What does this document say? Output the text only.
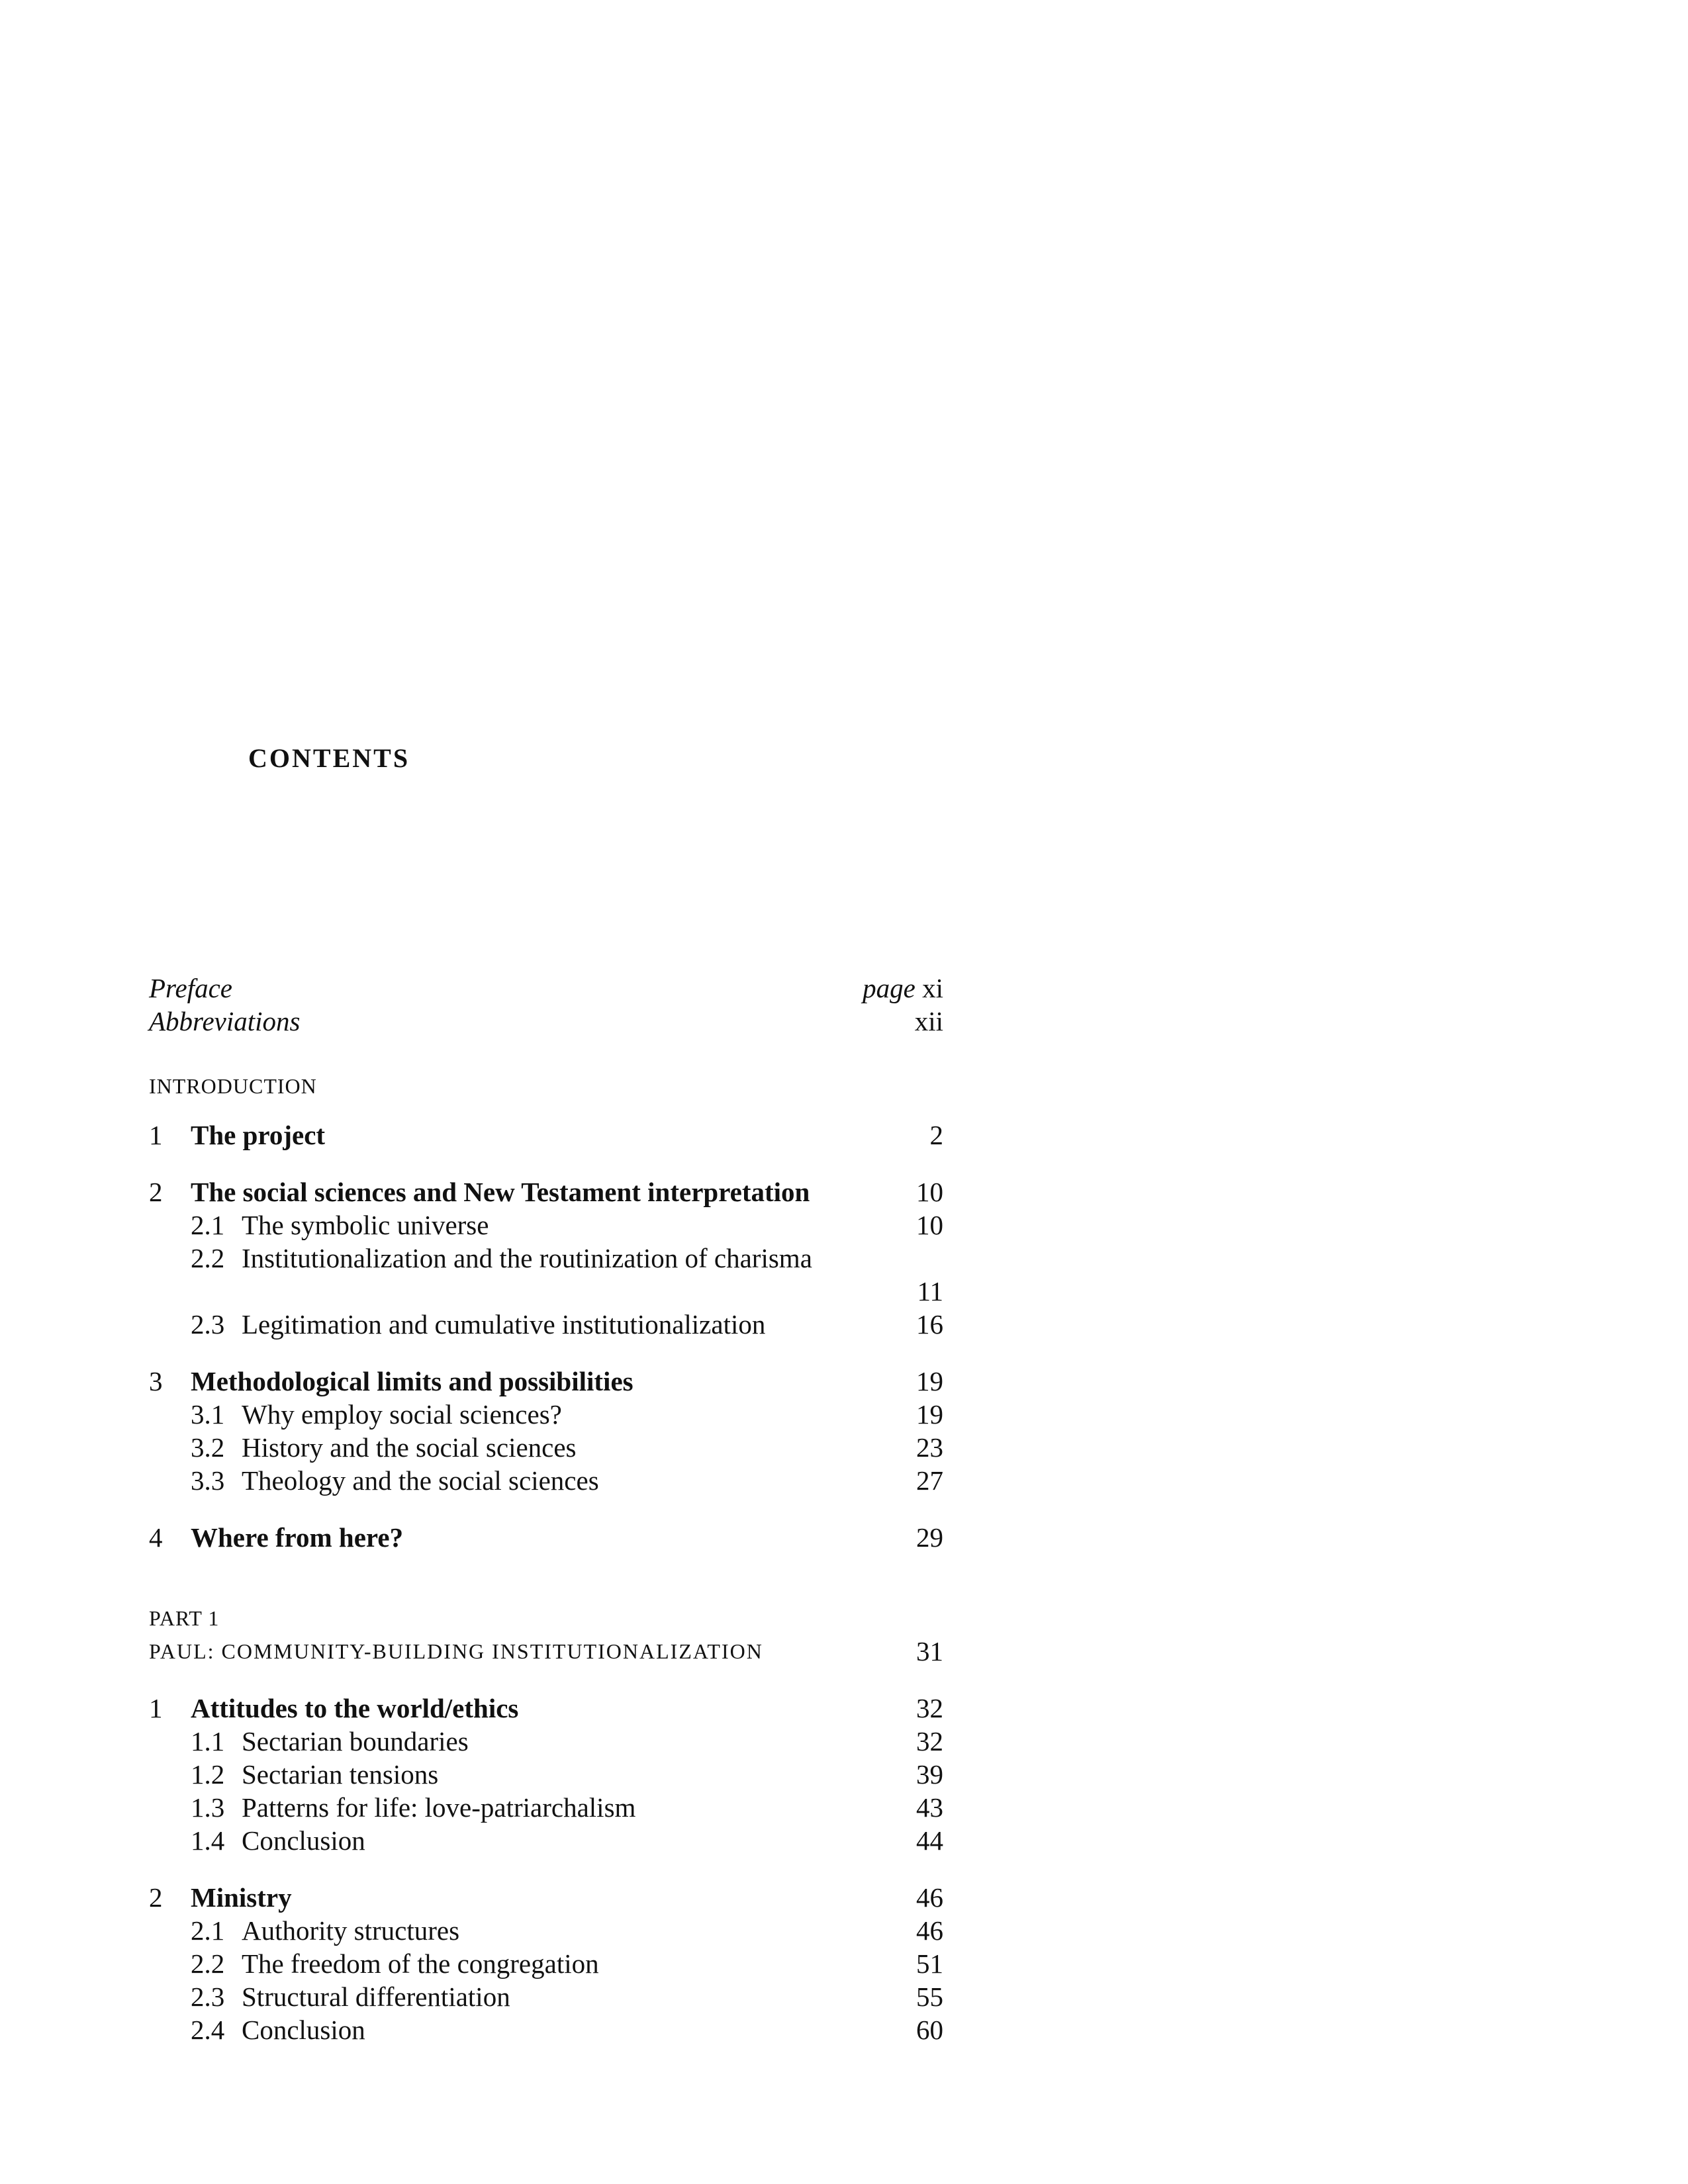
CONTENTS
Preface	page xi
Abbreviations	xii
INTRODUCTION
1 The project	2
2 The social sciences and New Testament interpretation	10
2.1 The symbolic universe	10
2.2 Institutionalization and the routinization of charisma
11
2.3 Legitimation and cumulative institutionalization	16
3 Methodological limits and possibilities	19
3.1 Why employ social sciences?	19
3.2 History and the social sciences	23
3.3 Theology and the social sciences	27
4 Where from here?	29
PART 1
PAUL: COMMUNITY-BUILDING INSTITUTIONALIZATION	31
1 Attitudes to the world/ethics	32
1.1 Sectarian boundaries	32
1.2 Sectarian tensions	39
1.3 Patterns for life: love-patriarchalism	43
1.4 Conclusion	44
2 Ministry	46
2.1 Authority structures	46
2.2 The freedom of the congregation	51
2.3 Structural differentiation	55
2.4 Conclusion	60
